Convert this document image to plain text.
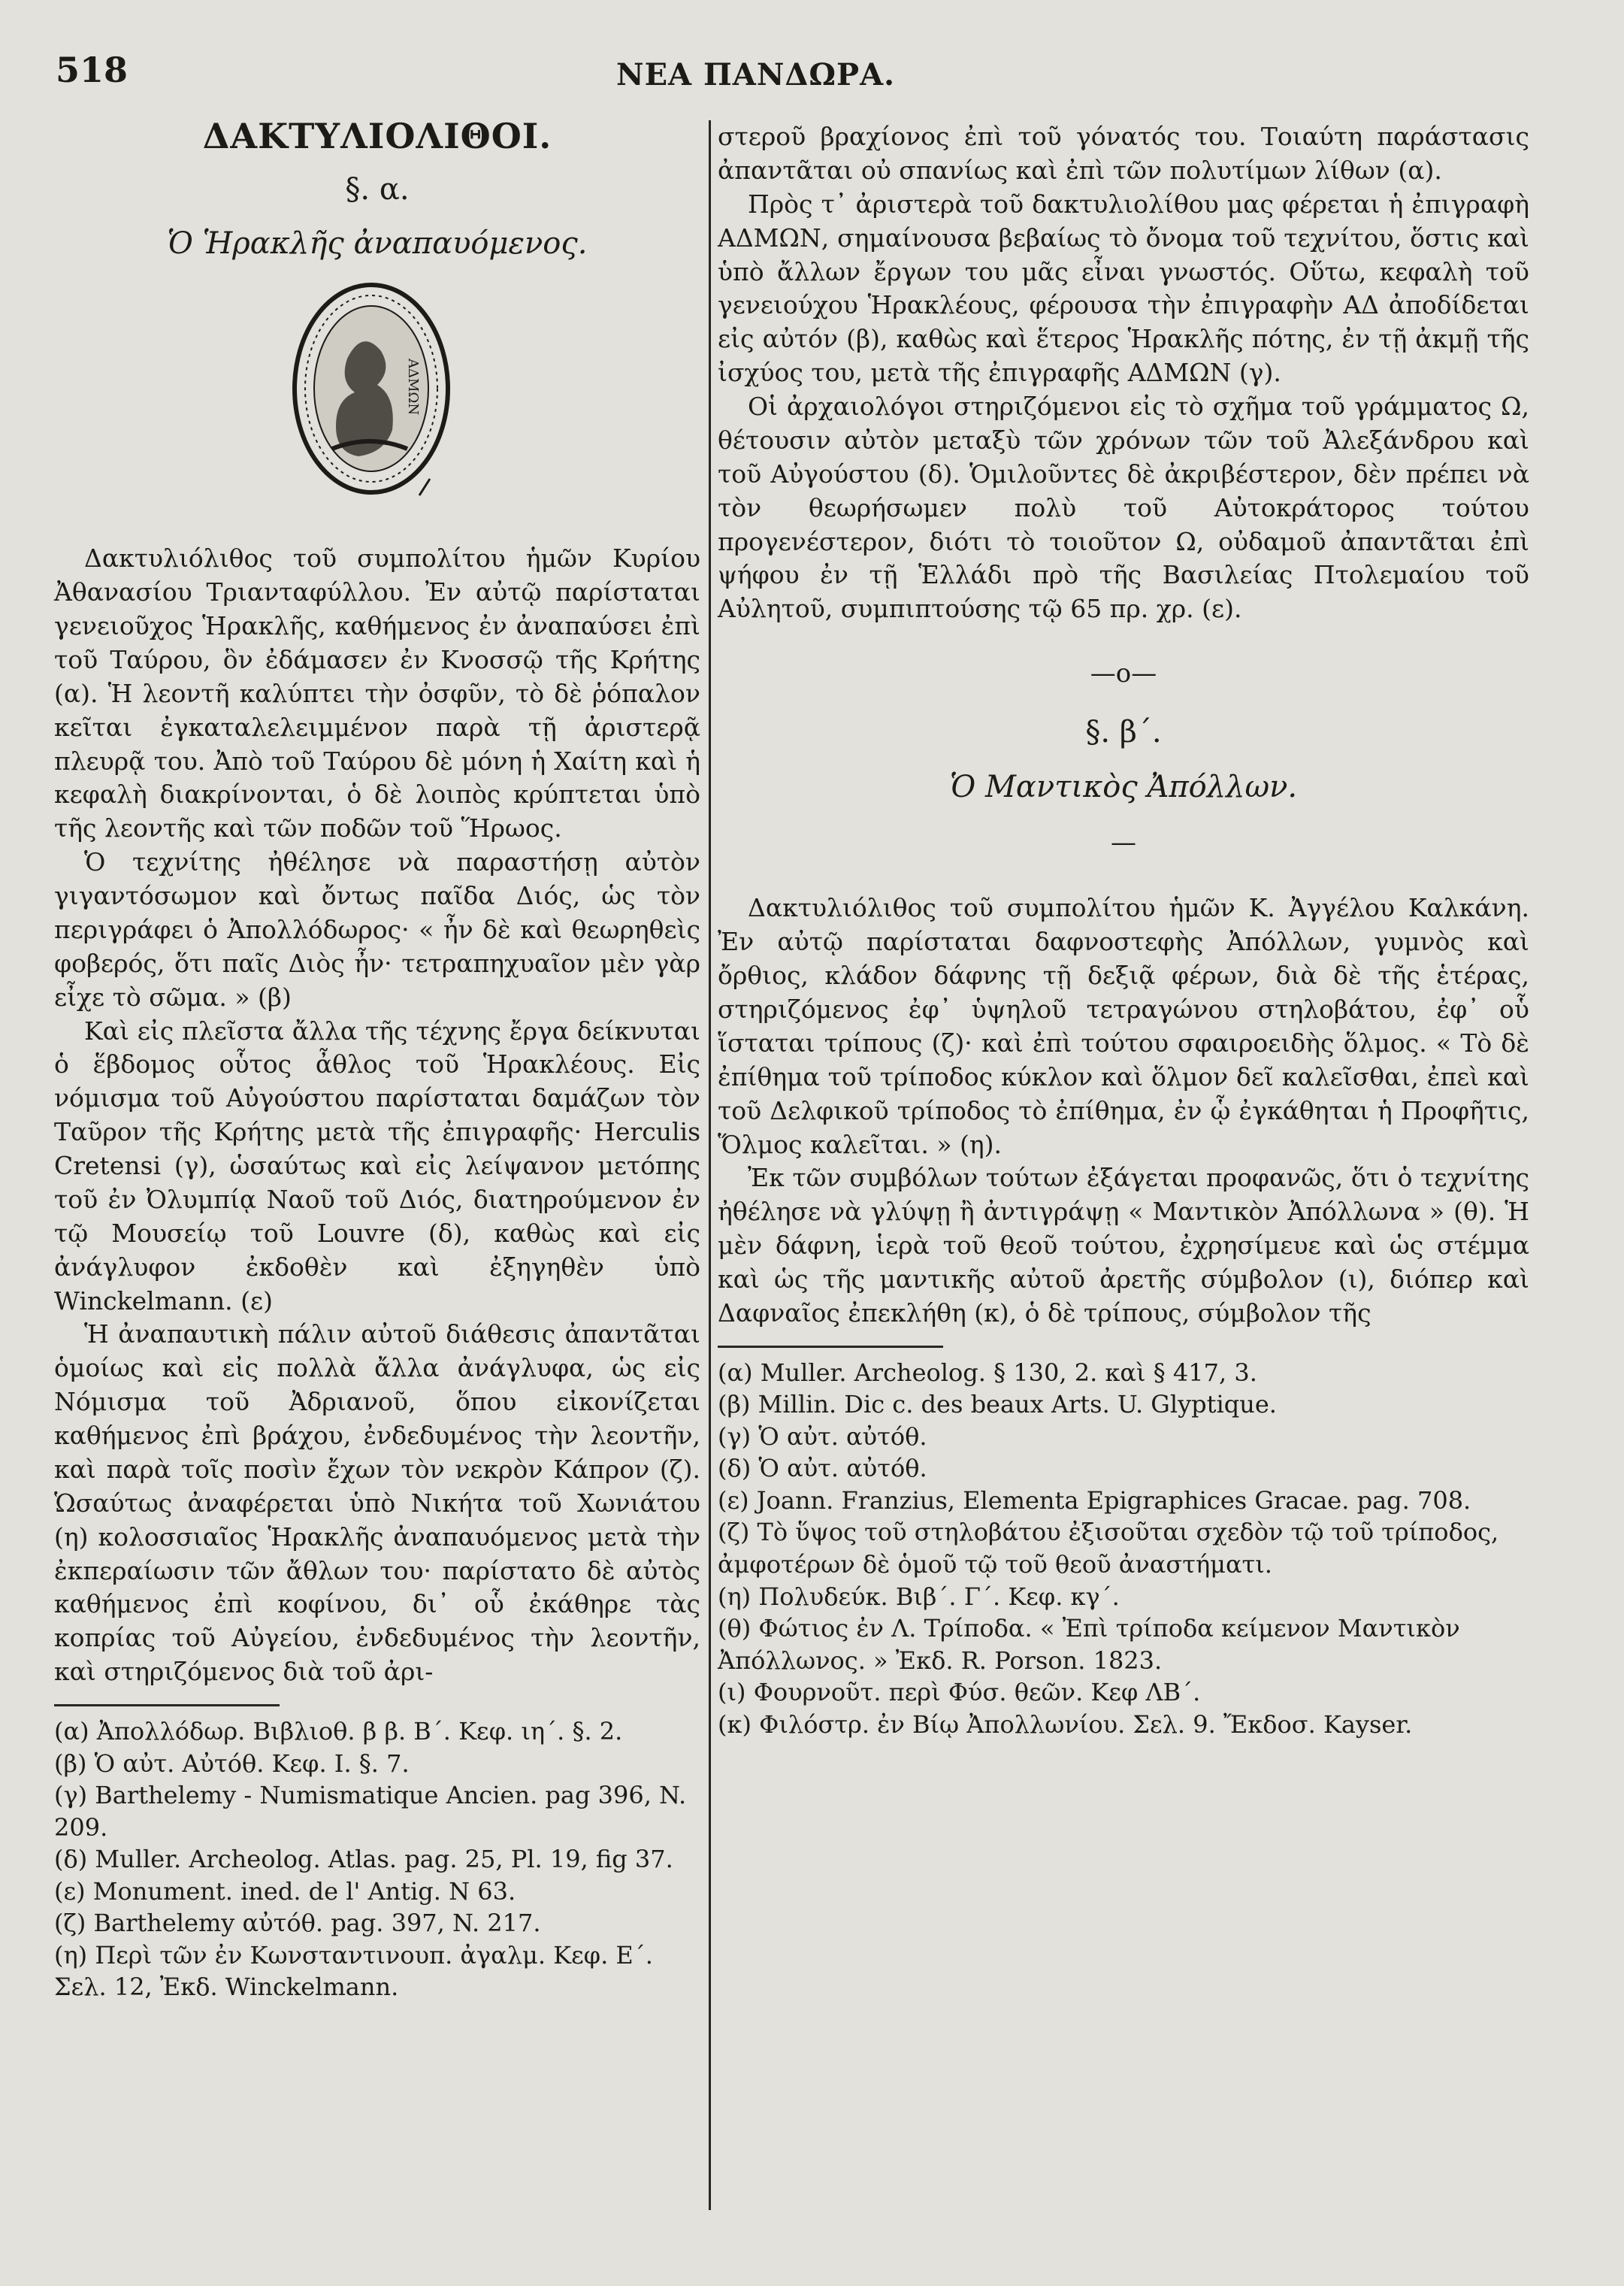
518	ΝΕΑ ΠΑΝΔΩΡΑ.
ΔΑΚΤΥΛΙΟΛΙΘΟΙ.
§. α.
Ὁ Ἡρακλῆς ἀναπαυόμενος.
ΑΔΜΩΝ

Δακτυλιόλιθος τοῦ συμπολίτου ἡμῶν Κυρίου Ἀθανασίου Τριανταφύλλου. Ἐν αὐτῷ παρίσταται γενειοῦχος Ἡρακλῆς, καθήμενος ἐν ἀναπαύσει ἐπὶ τοῦ Ταύρου, ὃν ἐδάμασεν ἐν Κνοσσῷ τῆς Κρήτης (α). Ἡ λεοντῆ καλύπτει τὴν ὀσφῦν, τὸ δὲ ῥόπαλον κεῖται ἐγκαταλελειμμένον παρὰ τῇ ἀριστερᾷ πλευρᾷ του. Ἀπὸ τοῦ Ταύρου δὲ μόνη ἡ Χαίτη καὶ ἡ κεφαλὴ διακρίνονται, ὁ δὲ λοιπὸς κρύπτεται ὑπὸ τῆς λεοντῆς καὶ τῶν ποδῶν τοῦ Ἥρωος.

Ὁ τεχνίτης ἠθέλησε νὰ παραστήσῃ αὐτὸν γιγαντόσωμον καὶ ὄντως παῖδα Διός, ὡς τὸν περιγράφει ὁ Ἀπολλόδωρος· « ἦν δὲ καὶ θεωρηθεὶς φοβερός, ὅτι παῖς Διὸς ἦν· τετραπηχυαῖον μὲν γὰρ εἶχε τὸ σῶμα. » (β)

Καὶ εἰς πλεῖστα ἄλλα τῆς τέχνης ἔργα δείκνυται ὁ ἕβδομος οὗτος ἆθλος τοῦ Ἡρακλέους. Εἰς νόμισμα τοῦ Αὐγούστου παρίσταται δαμάζων τὸν Ταῦρον τῆς Κρήτης μετὰ τῆς ἐπιγραφῆς· Herculis Cretensi (γ), ὡσαύτως καὶ εἰς λείψανον μετόπης τοῦ ἐν Ὀλυμπίᾳ Ναοῦ τοῦ Διός, διατηρούμενον ἐν τῷ Μουσείῳ τοῦ Louvre (δ), καθὼς καὶ εἰς ἀνάγλυφον ἐκδοθὲν καὶ ἐξηγηθὲν ὑπὸ Winckelmann. (ε)

Ἡ ἀναπαυτικὴ πάλιν αὐτοῦ διάθεσις ἀπαντᾶται ὁμοίως καὶ εἰς πολλὰ ἄλλα ἀνάγλυφα, ὡς εἰς Νόμισμα τοῦ Ἀδριανοῦ, ὅπου εἰκονίζεται καθήμενος ἐπὶ βράχου, ἐνδεδυμένος τὴν λεοντῆν, καὶ παρὰ τοῖς ποσὶν ἔχων τὸν νεκρὸν Κάπρον (ζ). Ὡσαύτως ἀναφέρεται ὑπὸ Νικήτα τοῦ Χωνιάτου (η) κολοσσιαῖος Ἡρακλῆς ἀναπαυόμενος μετὰ τὴν ἐκπεραίωσιν τῶν ἄθλων του· παρίστατο δὲ αὐτὸς καθήμενος ἐπὶ κοφίνου, δι᾽ οὗ ἐκάθηρε τὰς κοπρίας τοῦ Αὐγείου, ἐνδεδυμένος τὴν λεοντῆν, καὶ στηριζόμενος διὰ τοῦ ἀρι-

(α) Ἀπολλόδωρ. Βιβλιοθ. β β. Β΄. Κεφ. ιη΄. §. 2.
(β) Ὁ αὐτ. Αὐτόθ. Κεφ. I. §. 7.
(γ) Barthelemy - Numismatique Ancien. pag 396, N. 209.
(δ) Muller. Archeolog. Atlas. pag. 25, Pl. 19, fig 37.
(ε) Monument. ined. de l' Antig. N 63.
(ζ) Barthelemy αὐτόθ. pag. 397, N. 217.
(η) Περὶ τῶν ἐν Κωνσταντινουπ. ἀγαλμ. Κεφ. Ε΄. Σελ. 12, Ἐκδ. Winckelmann.

στεροῦ βραχίονος ἐπὶ τοῦ γόνατός του. Τοιαύτη παράστασις ἀπαντᾶται οὐ σπανίως καὶ ἐπὶ τῶν πολυτίμων λίθων (α).

Πρὸς τ᾽ ἀριστερὰ τοῦ δακτυλιολίθου μας φέρεται ἡ ἐπιγραφὴ ΑΔΜΩΝ, σημαίνουσα βεβαίως τὸ ὄνομα τοῦ τεχνίτου, ὅστις καὶ ὑπὸ ἄλλων ἔργων του μᾶς εἶναι γνωστός. Οὕτω, κεφαλὴ τοῦ γενειούχου Ἡρακλέους, φέρουσα τὴν ἐπιγραφὴν ΑΔ ἀποδίδεται εἰς αὐτόν (β), καθὼς καὶ ἕτερος Ἡρακλῆς πότης, ἐν τῇ ἀκμῇ τῆς ἰσχύος του, μετὰ τῆς ἐπιγραφῆς ΑΔΜΩΝ (γ).

Οἱ ἀρχαιολόγοι στηριζόμενοι εἰς τὸ σχῆμα τοῦ γράμματος Ω, θέτουσιν αὐτὸν μεταξὺ τῶν χρόνων τῶν τοῦ Ἀλεξάνδρου καὶ τοῦ Αὐγούστου (δ). Ὁμιλοῦντες δὲ ἀκριβέστερον, δὲν πρέπει νὰ τὸν θεωρήσωμεν πολὺ τοῦ Αὐτοκράτορος τούτου προγενέστερον, διότι τὸ τοιοῦτον Ω, οὐδαμοῦ ἀπαντᾶται ἐπὶ ψήφου ἐν τῇ Ἑλλάδι πρὸ τῆς Βασιλείας Πτολεμαίου τοῦ Αὐλητοῦ, συμπιπτούσης τῷ 65 πρ. χρ. (ε).

—o—
§. β΄.
Ὁ Μαντικὸς Ἀπόλλων.
—

Δακτυλιόλιθος τοῦ συμπολίτου ἡμῶν Κ. Ἀγγέλου Καλκάνη. Ἐν αὐτῷ παρίσταται δαφνοστεφὴς Ἀπόλλων, γυμνὸς καὶ ὄρθιος, κλάδον δάφνης τῇ δεξιᾷ φέρων, διὰ δὲ τῆς ἑτέρας, στηριζόμενος ἐφ᾽ ὑψηλοῦ τετραγώνου στηλοβάτου, ἐφ᾽ οὗ ἵσταται τρίπους (ζ)· καὶ ἐπὶ τούτου σφαιροειδὴς ὅλμος. « Τὸ δὲ ἐπίθημα τοῦ τρίποδος κύκλον καὶ ὅλμον δεῖ καλεῖσθαι, ἐπεὶ καὶ τοῦ Δελφικοῦ τρίποδος τὸ ἐπίθημα, ἐν ᾧ ἐγκάθηται ἡ Προφῆτις, Ὅλμος καλεῖται. » (η).

Ἐκ τῶν συμβόλων τούτων ἐξάγεται προφανῶς, ὅτι ὁ τεχνίτης ἠθέλησε νὰ γλύψῃ ἢ ἀντιγράψῃ « Μαντικὸν Ἀπόλλωνα » (θ). Ἡ μὲν δάφνη, ἱερὰ τοῦ θεοῦ τούτου, ἐχρησίμευε καὶ ὡς στέμμα καὶ ὡς τῆς μαντικῆς αὐτοῦ ἀρετῆς σύμβολον (ι), διόπερ καὶ Δαφναῖος ἐπεκλήθη (κ), ὁ δὲ τρίπους, σύμβολον τῆς

(α) Muller. Archeolog. § 130, 2. καὶ § 417, 3.
(β) Millin. Dic c. des beaux Arts. U. Glyptique.
(γ) Ὁ αὐτ. αὐτόθ.
(δ) Ὁ αὐτ. αὐτόθ.
(ε) Joann. Franzius, Elementa Epigraphices Gracae. pag. 708.
(ζ) Τὸ ὕψος τοῦ στηλοβάτου ἐξισοῦται σχεδὸν τῷ τοῦ τρίποδος, ἀμφοτέρων δὲ ὁμοῦ τῷ τοῦ θεοῦ ἀναστήματι.
(η) Πολυδεύκ. Βιβ΄. Γ΄. Κεφ. κγ΄.
(θ) Φώτιος ἐν Λ. Τρίποδα. « Ἐπὶ τρίποδα κείμενον Μαντικὸν Ἀπόλλωνος. » Ἐκδ. R. Porson. 1823.
(ι) Φουρνοῦτ. περὶ Φύσ. θεῶν. Κεφ ΛΒ΄.
(κ) Φιλόστρ. ἐν Βίῳ Ἀπολλωνίου. Σελ. 9. Ἔκδοσ. Kayser.
